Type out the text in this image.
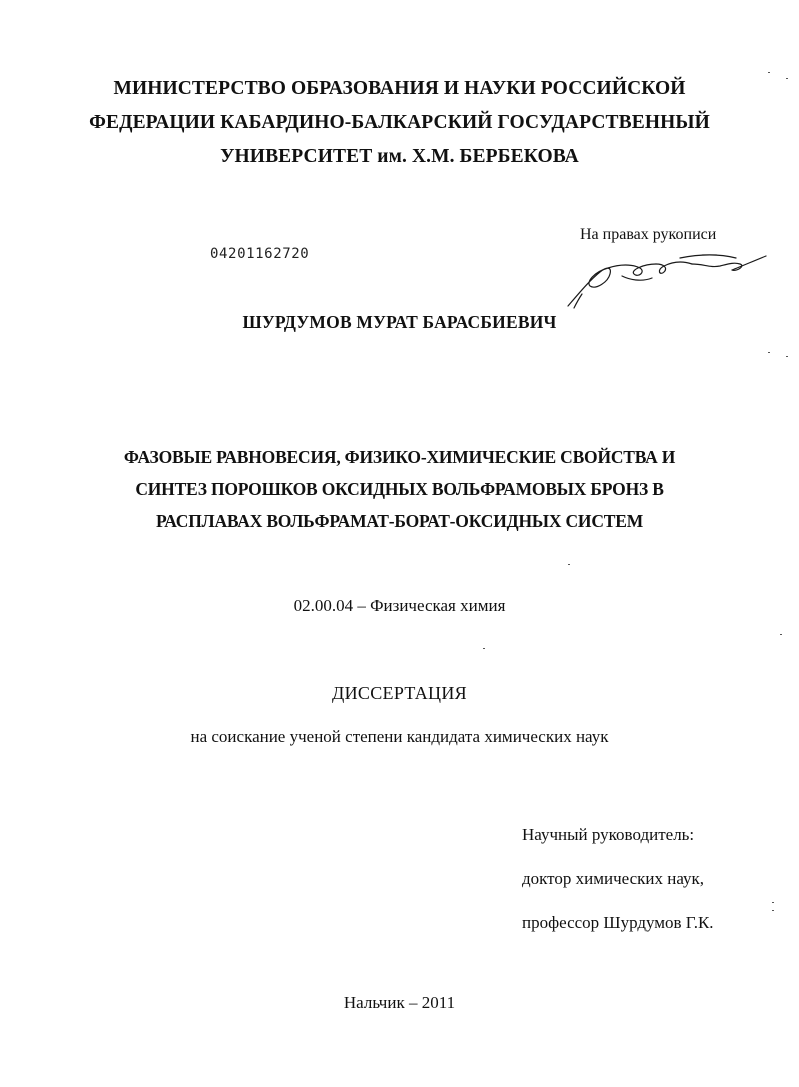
МИНИСТЕРСТВО ОБРАЗОВАНИЯ И НАУКИ РОССИЙСКОЙ
ФЕДЕРАЦИИ КАБАРДИНО-БАЛКАРСКИЙ ГОСУДАРСТВЕННЫЙ
УНИВЕРСИТЕТ им. Х.М. БЕРБЕКОВА
04201162720
На правах рукописи
ШУРДУМОВ МУРАТ БАРАСБИЕВИЧ
ФАЗОВЫЕ РАВНОВЕСИЯ, ФИЗИКО-ХИМИЧЕСКИЕ СВОЙСТВА И
СИНТЕЗ ПОРОШКОВ ОКСИДНЫХ ВОЛЬФРАМОВЫХ БРОНЗ В
РАСПЛАВАХ ВОЛЬФРАМАТ-БОРАТ-ОКСИДНЫХ СИСТЕМ
02.00.04 – Физическая химия
ДИССЕРТАЦИЯ
на соискание ученой степени кандидата химических наук
Научный руководитель:
доктор химических наук,
профессор Шурдумов Г.К.
Нальчик – 2011
